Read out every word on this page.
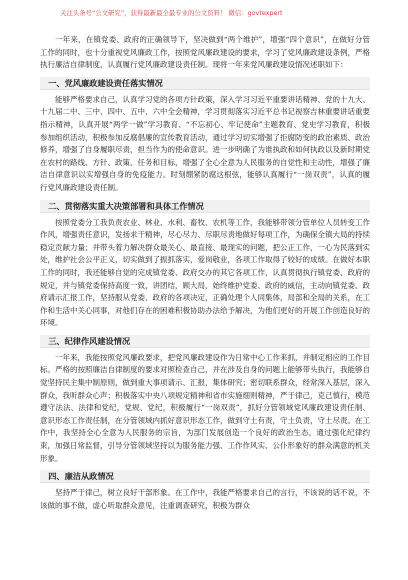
关注头条号“公文研究”，获得最新最全最专业的公文资料！ 微信：govtexpert

一年来，在镇党委、政府的正确领导下，坚决做到“两个维护”，增强“四个意识”，在做好分管工作的同时，也十分重视党风廉政工作，按照党风廉政建设的要求，学习了党风廉政建设条例，严格执行廉洁自律制度，认真履行党风廉政建设责任制。现将一年来党风廉政建设情况述职如下：

一、党风廉政建设责任落实情况

能够严格要求自己，认真学习党的各项方针政策，深入学习习近平重要讲话精神、党的十九大、十九届二中、三中、四中、五中、六中全会精神，学习贯彻落实习近平总书记视察吉林重要讲话重要指示精神，认真开展“两学一做”学习教育、“不忘初心、牢记使命”主题教育、党史学习教育，积极参加组织活动，积极参加反腐倡廉的宣传教育活动，通过学习切实增强了拒腐防变的政治素质、政治修养，增强了自身履职尽责，担当作为的使命意识。进一步明确了为谁执政和如何执政以及新时期党在农村的路线、方针、政策、任务和目标，增强了全心全意为人民服务的自觉性和主动性，增强了廉洁自律意识以实增强自身的免疫能力。时刻绷紧防腐这根弦，能够认真履行“一岗双责”，认真的履行党风廉政建设责任制。

二、贯彻落实重大决策部署和具体工作情况

按照党委分工我负责农业、林业、水利、畜牧、农机等工作，我能够带领分管单位人员转变工作作风，增强责任意识，发扬求干精神，尽心尽力、尽职尽责地做好每项工作，为确保全镇大局的持续稳定贡献力量；并带头着力解决群众最关心、最直接、最现实的问题，把公正工作，一心为民落到实处，维护社会公平正义，切实做到了振抓落实，爱岗敬业，各项工作取得了较好的成绩。在做好本职工作的同时，我还能够自觉的完成镇党委、政府交办的其它各项工作，认真贯彻执行镇党委、政府的规定，并与镇党委保持高度一致，讲团结，顾大局，始终维护党委、政府的威信，主动向镇党委、政府请示汇报工作，坚持服从党委、政府的各项决定，正确处理个人同集体，局部和全局的关系，在工作和生活中关心同事，对他们存在的困难积极协助办法给予解决，为他们更好的开展工作创造良好的环境。

三、纪律作风建设情况

一年来，我能按照党风廉政要求，把党风廉政建设作为日常中心工作来抓，并制定相应的工作目标。严格的按照廉洁自律制度的要求对照检查自己，并在涉及自身的问题上能够带头执行，我能够自觉坚持民主集中制原则，做到重大事项请示、汇报，集体研究；密切联系群众，经常深入基层，深入群众，我听群众心声；积极落实中央八项规定精神和省市实施细则精神，严于律己，克己慎行，模范遵守法法、法律和党纪，党规、党纪，积极履行“一岗双责”，抓好分管领域党风廉政建设责任制、意识形态工作责任制，在分管领域内抓好意识形态工作，做到守土有责，守土负责，守土尽责。在工作中，我坚持全心全意为人民服务的宗旨，为部门发展创造一个良好的政治生态，通过强化纪律约束，加强日常监督，引导分管领域坚持以为服务能力强、工作作风实、公仆形象好的群众满意的机关形象。

四、廉洁从政情况

坚持严于律己，树立良好干部形象。在工作中，我能严格要求自己的言行，不该说的话不说，不该做的事不做，虚心听取群众意见，注重调查研究，积极为群众
